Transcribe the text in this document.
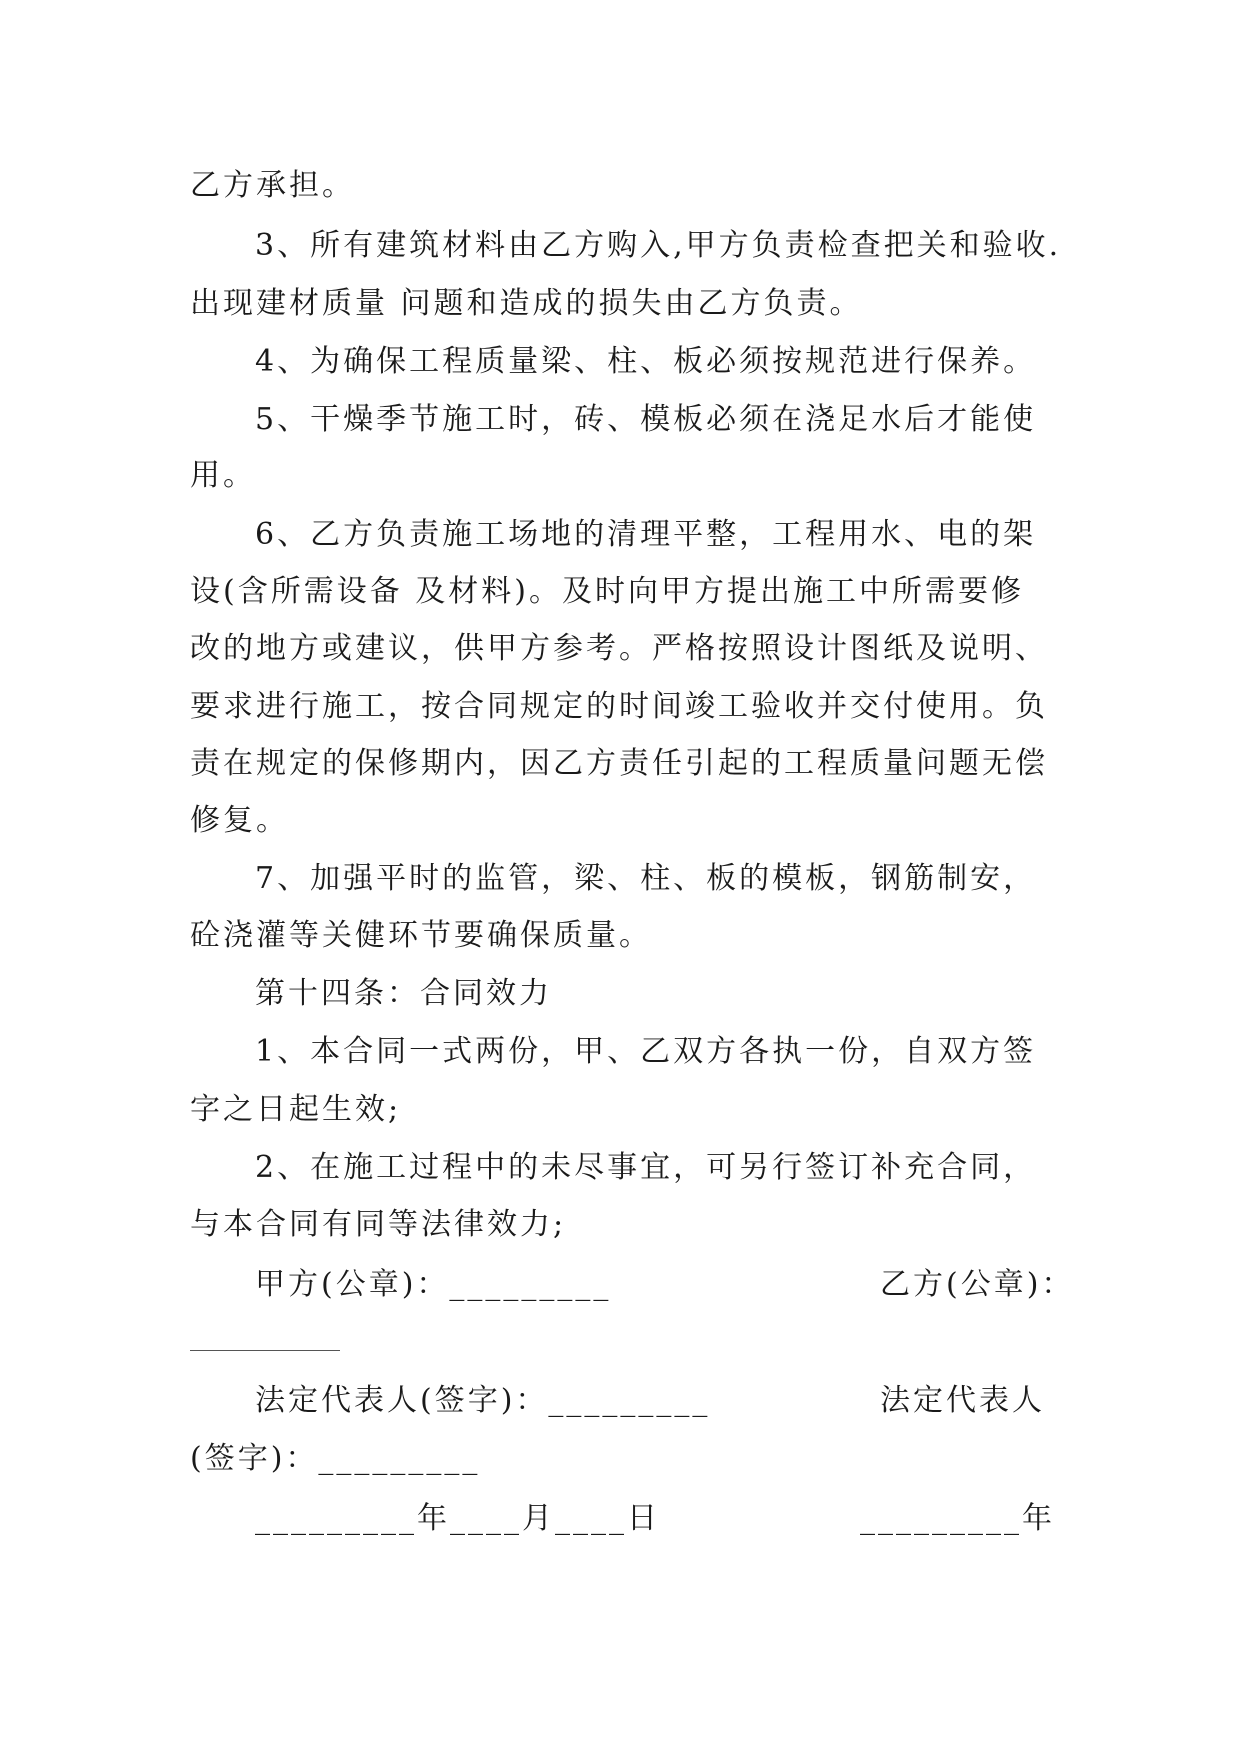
乙方承担。
3、所有建筑材料由乙方购入,甲方负责检查把关和验收.
出现建材质量 问题和造成的损失由乙方负责。
4、为确保工程质量梁、柱、板必须按规范进行保养。
5、干燥季节施工时，砖、模板必须在浇足水后才能使
用。
6、乙方负责施工场地的清理平整，工程用水、电的架
设(含所需设备 及材料)。及时向甲方提出施工中所需要修
改的地方或建议，供甲方参考。严格按照设计图纸及说明、
要求进行施工，按合同规定的时间竣工验收并交付使用。负
责在规定的保修期内，因乙方责任引起的工程质量问题无偿
修复。
7、加强平时的监管，梁、柱、板的模板，钢筋制安，
砼浇灌等关健环节要确保质量。
第十四条：合同效力
1、本合同一式两份，甲、乙双方各执一份，自双方签
字之日起生效;
2、在施工过程中的未尽事宜，可另行签订补充合同，
与本合同有同等法律效力;
甲方(公章)：_________	乙方(公章)：
法定代表人(签字)：_________	法定代表人
(签字)：_________
_________年____月____日	_________年
